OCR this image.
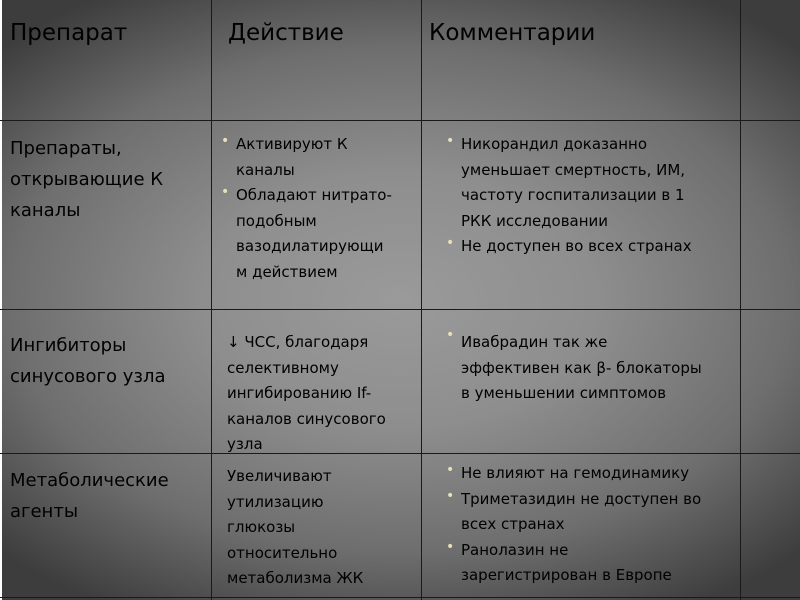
Препарат	Действие	Комментарии
Препараты,
открывающие К
каналы
• Активируют К
каналы
• Обладают нитрато-
подобным
вазодилатирующи
м действием
• Никорандил доказанно
уменьшает смертность, ИМ,
частоту госпитализации в 1
РКК исследовании
• Не доступен во всех странах
Ингибиторы
синусового узла
↓ ЧСС, благодаря
селективному
ингибированию If-
каналов синусового
узла
• Ивабрадин так же
эффективен как β- блокаторы
в уменьшении симптомов
Метаболические
агенты
Увеличивают
утилизацию
глюкозы
относительно
метаболизма ЖК
• Не влияют на гемодинамику
• Триметазидин не доступен во
всех странах
• Ранолазин не
зарегистрирован в Европе
